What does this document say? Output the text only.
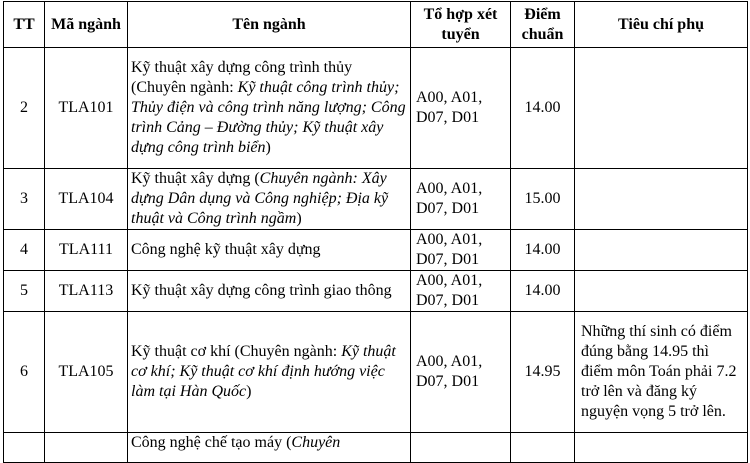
TT	Mã ngành	Tên ngành	Tổ hợp xét tuyển	Điểm chuẩn	Tiêu chí phụ
2	TLA101	Kỹ thuật xây dựng công trình thủy (Chuyên ngành: Kỹ thuật công trình thủy; Thủy điện và công trình năng lượng; Công trình Cảng – Đường thủy; Kỹ thuật xây dựng công trình biển)	A00, A01, D07, D01	14.00	
3	TLA104	Kỹ thuật xây dựng (Chuyên ngành: Xây dựng Dân dụng và Công nghiệp; Địa kỹ thuật và Công trình ngầm)	A00, A01, D07, D01	15.00	
4	TLA111	Công nghệ kỹ thuật xây dựng	A00, A01, D07, D01	14.00	
5	TLA113	Kỹ thuật xây dựng công trình giao thông	A00, A01, D07, D01	14.00	
6	TLA105	Kỹ thuật cơ khí (Chuyên ngành: Kỹ thuật cơ khí; Kỹ thuật cơ khí định hướng việc làm tại Hàn Quốc)	A00, A01, D07, D01	14.95	Những thí sinh có điểm đúng bằng 14.95 thì điểm môn Toán phải 7.2 trở lên và đăng ký nguyện vọng 5 trở lên.
		Công nghệ chế tạo máy (Chuyên			
